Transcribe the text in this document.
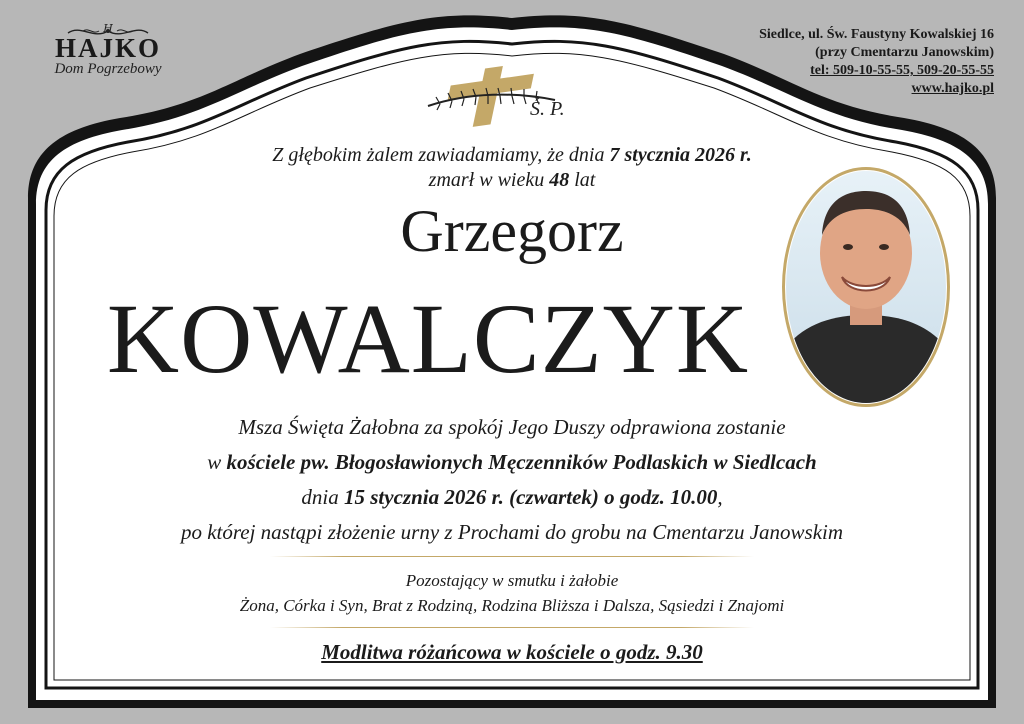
H
HAJKO
Dom Pogrzebowy
Siedlce, ul. Św. Faustyny Kowalskiej 16
(przy Cmentarzu Janowskim)
tel: 509-10-55-55, 509-20-55-55
www.hajko.pl
Ś. P.
Z głębokim żalem zawiadamiamy, że dnia 7 stycznia 2026 r.
zmarł w wieku 48 lat
Grzegorz
KOWALCZYK
Msza Święta Żałobna za spokój Jego Duszy odprawiona zostanie
w kościele pw. Błogosławionych Męczenników Podlaskich w Siedlcach
dnia 15 stycznia 2026 r. (czwartek) o godz. 10.00,
po której nastąpi złożenie urny z Prochami do grobu na Cmentarzu Janowskim
Pozostający w smutku i żałobie
Żona, Córka i Syn, Brat z Rodziną, Rodzina Bliższa i Dalsza, Sąsiedzi i Znajomi
Modlitwa różańcowa w kościele o godz. 9.30
